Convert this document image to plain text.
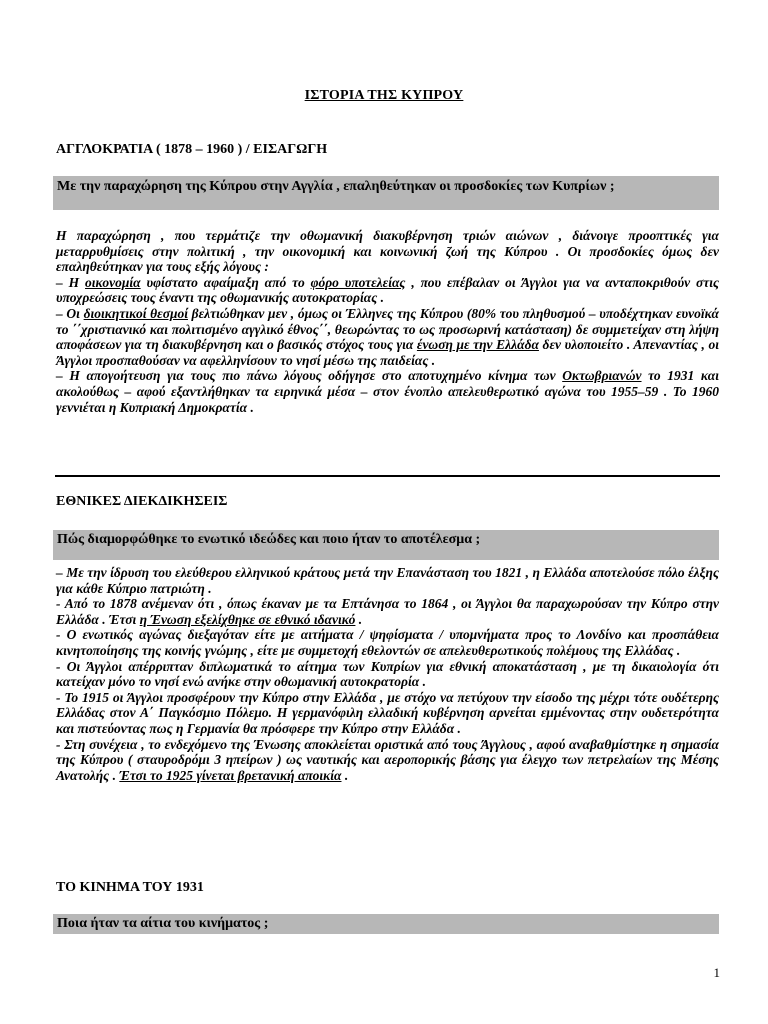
ΙΣΤΟΡΙΑ ΤΗΣ ΚΥΠΡΟΥ
ΑΓΓΛΟΚΡΑΤΙΑ ( 1878 – 1960 ) / ΕΙΣΑΓΩΓΗ
Με την παραχώρηση της Κύπρου στην Αγγλία , επαληθεύτηκαν οι προσδοκίες των Κυπρίων ;

Η παραχώρηση , που τερμάτιζε την οθωμανική διακυβέρνηση τριών αιώνων , διάνοιγε προοπτικές για μεταρρυθμίσεις στην πολιτική , την οικονομική και κοινωνική ζωή της Κύπρου . Οι προσδοκίες όμως δεν επαληθεύτηκαν για τους εξής λόγους :

– Η οικονομία υφίστατο αφαίμαξη από το φόρο υποτελείας , που επέβαλαν οι Άγγλοι για να ανταποκριθούν στις υποχρεώσεις τους έναντι της οθωμανικής αυτοκρατορίας .

– Οι διοικητικοί θεσμοί βελτιώθηκαν μεν , όμως οι Έλληνες της Κύπρου (80% του πληθυσμού – υποδέχτηκαν ευνοϊκά το ΄΄χριστιανικό και πολιτισμένο αγγλικό έθνος΄΄, θεωρώντας το ως προσωρινή κατάσταση) δε συμμετείχαν στη λήψη αποφάσεων για τη διακυβέρνηση και ο βασικός στόχος τους για ένωση με την Ελλάδα δεν υλοποιείτο . Απεναντίας , οι Άγγλοι προσπαθούσαν να αφελληνίσουν το νησί μέσω της παιδείας .

– Η απογοήτευση για τους πιο πάνω λόγους οδήγησε στο αποτυχημένο κίνημα των Οκτωβριανών το 1931 και ακολούθως – αφού εξαντλήθηκαν τα ειρηνικά μέσα – στον ένοπλο απελευθερωτικό αγώνα του 1955–59 . Το 1960 γεννιέται η Κυπριακή Δημοκρατία .

ΕΘΝΙΚΕΣ ΔΙΕΚΔΙΚΗΣΕΙΣ
Πώς διαμορφώθηκε το ενωτικό ιδεώδες και ποιο ήταν το αποτέλεσμα ;

– Με την ίδρυση του ελεύθερου ελληνικού κράτους μετά την Επανάσταση του 1821 , η Ελλάδα αποτελούσε πόλο έλξης για κάθε Κύπριο πατριώτη .

- Από το 1878 ανέμεναν ότι , όπως έκαναν με τα Επτάνησα το 1864 , οι Άγγλοι θα παραχωρούσαν την Κύπρο στην Ελλάδα . Έτσι η Ένωση εξελίχθηκε σε εθνικό ιδανικό .

- Ο ενωτικός αγώνας διεξαγόταν είτε με αιτήματα / ψηφίσματα / υπομνήματα προς το Λονδίνο και προσπάθεια κινητοποίησης της κοινής γνώμης , είτε με συμμετοχή εθελοντών σε απελευθερωτικούς πολέμους της Ελλάδας .

- Οι Άγγλοι απέρριπταν διπλωματικά το αίτημα των Κυπρίων για εθνική αποκατάσταση , με τη δικαιολογία ότι κατείχαν μόνο το νησί ενώ ανήκε στην οθωμανική αυτοκρατορία .

- Το 1915 οι Άγγλοι προσφέρουν την Κύπρο στην Ελλάδα , με στόχο να πετύχουν την είσοδο της μέχρι τότε ουδέτερης Ελλάδας στον Α΄ Παγκόσμιο Πόλεμο. Η γερμανόφιλη ελλαδική κυβέρνηση αρνείται εμμένοντας στην ουδετερότητα και πιστεύοντας πως η Γερμανία θα πρόσφερε την Κύπρο στην Ελλάδα .

- Στη συνέχεια , το ενδεχόμενο της Ένωσης αποκλείεται οριστικά από τους Άγγλους , αφού αναβαθμίστηκε η σημασία της Κύπρου ( σταυροδρόμι 3 ηπείρων ) ως ναυτικής και αεροπορικής βάσης για έλεγχο των πετρελαίων της Μέσης Ανατολής . Έτσι το 1925 γίνεται βρετανική αποικία .

ΤΟ ΚΙΝΗΜΑ ΤΟΥ 1931
Ποια ήταν τα αίτια του κινήματος ;
1
